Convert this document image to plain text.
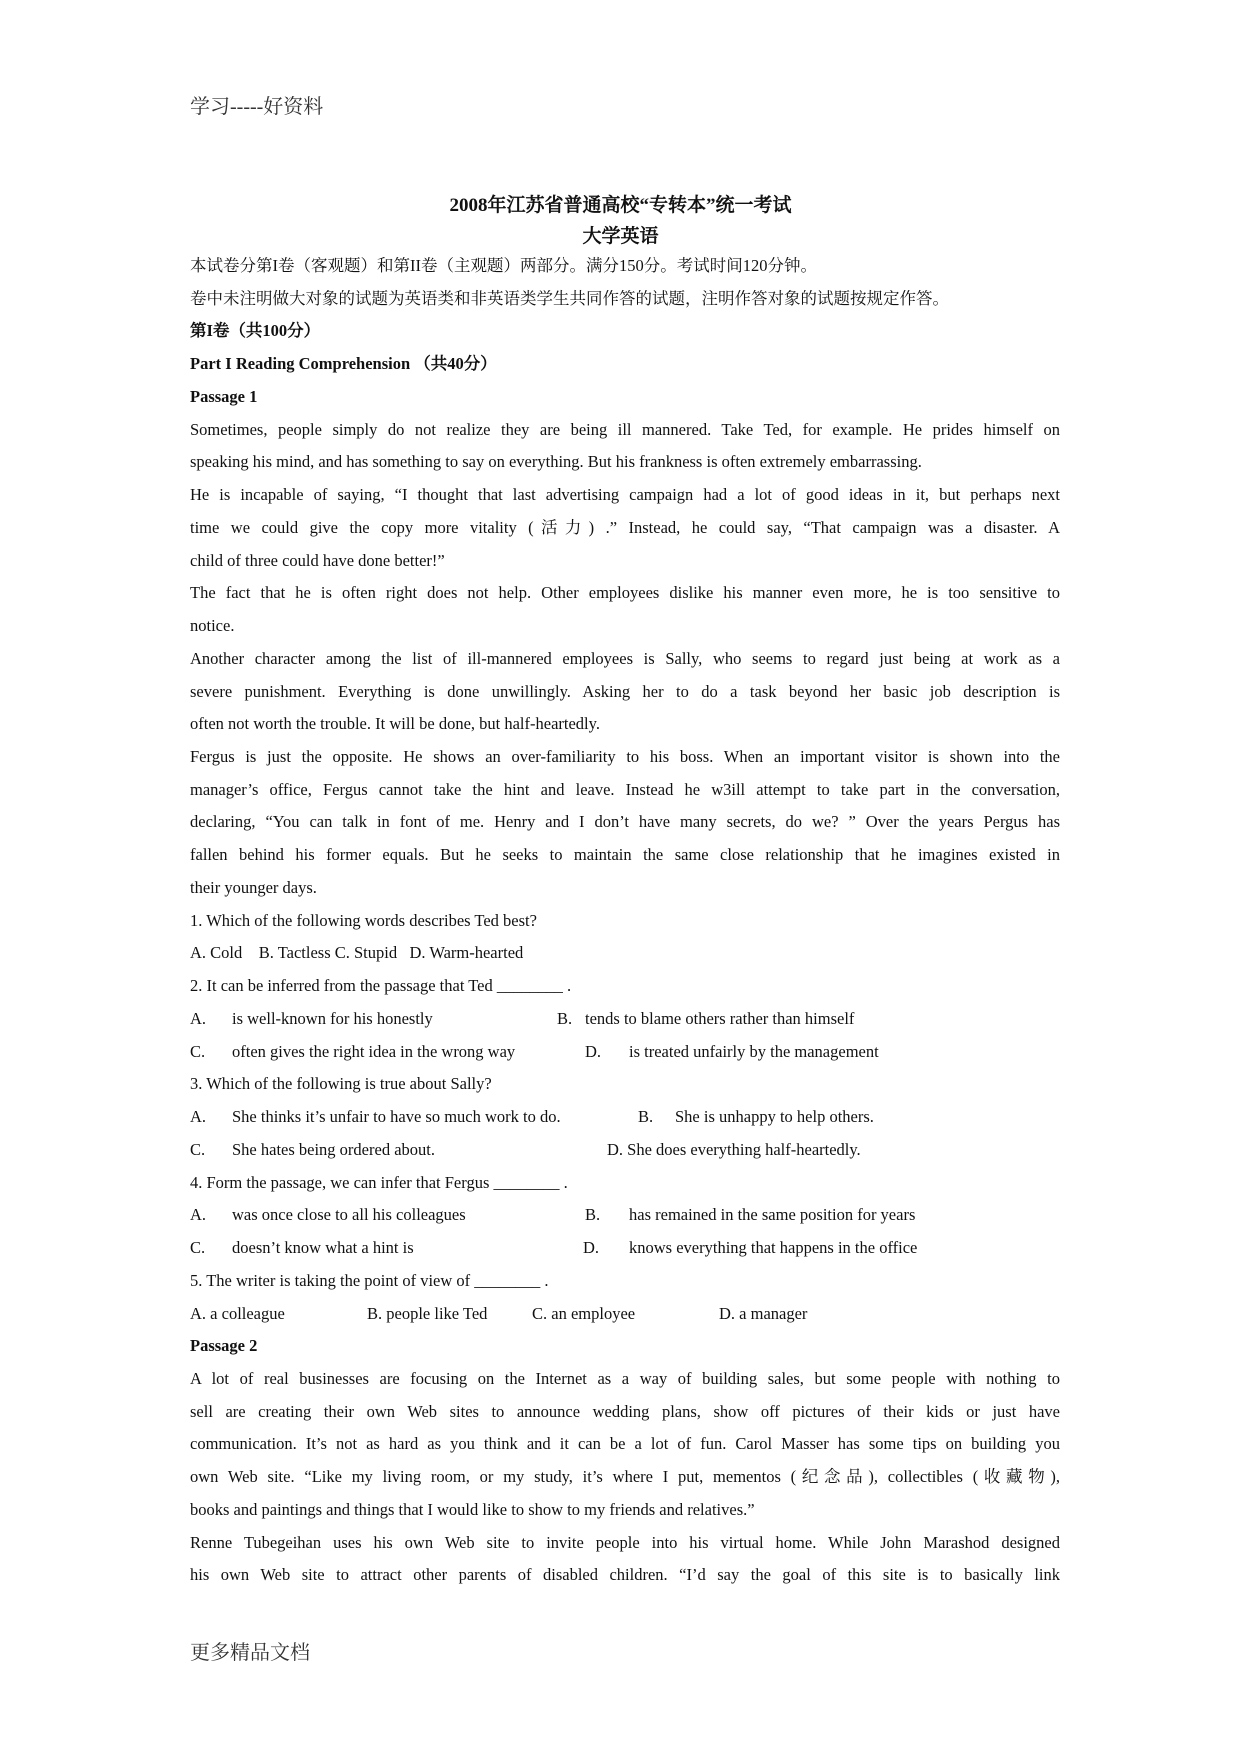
学习-----好资料
2008年江苏省普通高校“专转本”统一考试
大学英语
本试卷分第I卷（客观题）和第II卷（主观题）两部分。满分150分。考试时间120分钟。
卷中未注明做大对象的试题为英语类和非英语类学生共同作答的试题，注明作答对象的试题按规定作答。
第I卷（共100分）
Part I Reading Comprehension （共40分）
Passage 1
Sometimes, people simply do not realize they are being ill mannered. Take Ted, for example. He prides himself on
speaking his mind, and has something to say on everything. But his frankness is often extremely embarrassing.
He is incapable of saying, “I thought that last advertising campaign had a lot of good ideas in it, but perhaps next
time we could give the copy more vitality (活力) .” Instead, he could say, “That campaign was a disaster. A
child of three could have done better!”
The fact that he is often right does not help. Other employees dislike his manner even more, he is too sensitive to
notice.
Another character among the list of ill-mannered employees is Sally, who seems to regard just being at work as a
severe punishment. Everything is done unwillingly. Asking her to do a task beyond her basic job description is
often not worth the trouble. It will be done, but half-heartedly.
Fergus is just the opposite. He shows an over-familiarity to his boss. When an important visitor is shown into the
manager’s office, Fergus cannot take the hint and leave. Instead he w3ill attempt to take part in the conversation,
declaring, “You can talk in font of me. Henry and I don’t have many secrets, do we? ” Over the years Pergus has
fallen behind his former equals. But he seeks to maintain the same close relationship that he imagines existed in
their younger days.
1. Which of the following words describes Ted best?
A. Cold    B. Tactless C. Stupid   D. Warm-hearted
2. It can be inferred from the passage that Ted ________ .
A. is well-known for his honestly	B. tends to blame others rather than himself
C. often gives the right idea in the wrong way	D. is treated unfairly by the management
3. Which of the following is true about Sally?
A. She thinks it’s unfair to have so much work to do.	B. She is unhappy to help others.
C. She hates being ordered about.	D. She does everything half-heartedly.
4. Form the passage, we can infer that Fergus ________ .
A. was once close to all his colleagues	B. has remained in the same position for years
C. doesn’t know what a hint is	D. knows everything that happens in the office
5. The writer is taking the point of view of ________ .
A. a colleague	B. people like Ted	C. an employee	D. a manager
Passage 2
A lot of real businesses are focusing on the Internet as a way of building sales, but some people with nothing to
sell are creating their own Web sites to announce wedding plans, show off pictures of their kids or just have
communication. It’s not as hard as you think and it can be a lot of fun. Carol Masser has some tips on building you
own Web site. “Like my living room, or my study, it’s where I put, mementos (纪念品), collectibles (收藏物),
books and paintings and things that I would like to show to my friends and relatives.”
Renne Tubegeihan uses his own Web site to invite people into his virtual home. While John Marashod designed
his own Web site to attract other parents of disabled children. “I’d say the goal of this site is to basically link
更多精品文档
